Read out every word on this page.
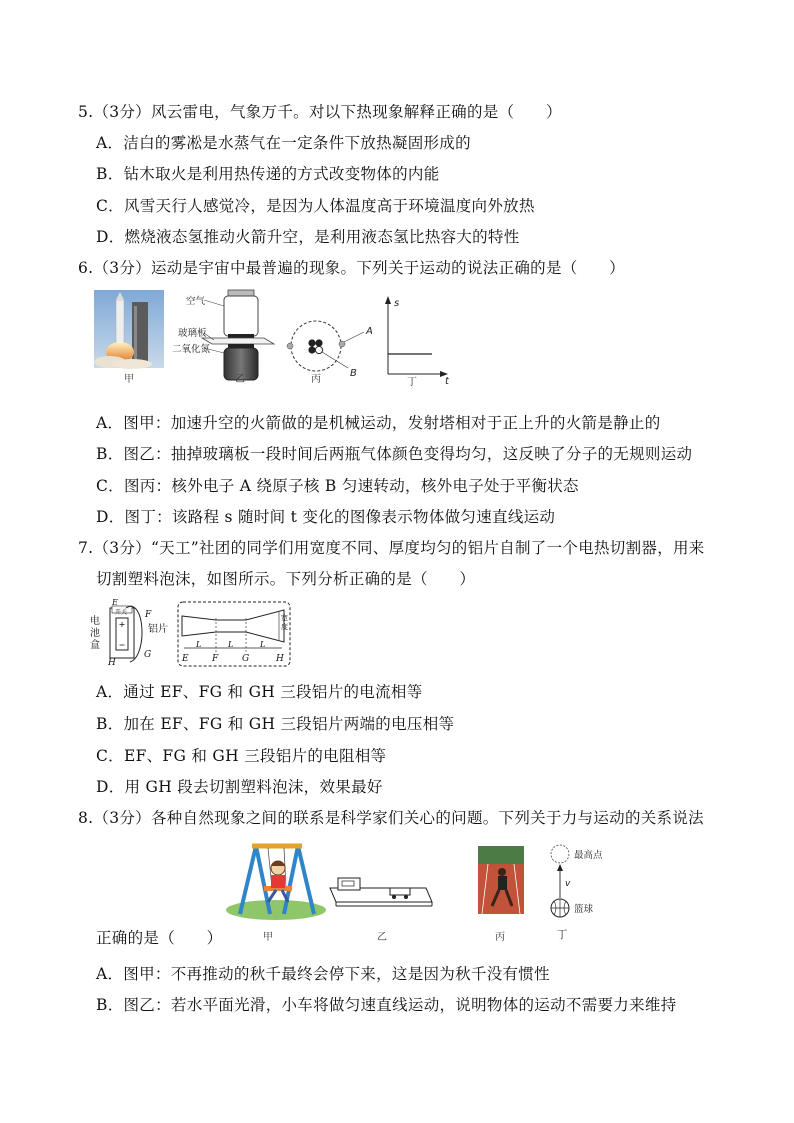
5.（3分）风云雷电，气象万千。对以下热现象解释正确的是（　　）
A．洁白的雾凇是水蒸气在一定条件下放热凝固形成的
B．钻木取火是利用热传递的方式改变物体的内能
C．风雪天行人感觉冷，是因为人体温度高于环境温度向外放热
D．燃烧液态氢推动火箭升空，是利用液态氢比热容大的特性
6.（3分）运动是宇宙中最普遍的现象。下列关于运动的说法正确的是（　　）
甲
空气
玻璃板
二氧化氮
乙
A
B
丙
s
t
丁
A．图甲：加速升空的火箭做的是机械运动，发射塔相对于正上升的火箭是静止的
B．图乙：抽掉玻璃板一段时间后两瓶气体颜色变得均匀，这反映了分子的无规则运动
C．图丙：核外电子 A 绕原子核 B 匀速转动，核外电子处于平衡状态
D．图丁：该路程 s 随时间 t 变化的图像表示物体做匀速直线运动
7.（3分）“天工”社团的同学们用宽度不同、厚度均匀的铝片自制了一个电热切割器，用来
切割塑料泡沫，如图所示。下列分析正确的是（　　）
E
开关
电池盒
F
铝片
G
H
宽度
L	L	L
E	F	G	H
A．通过 EF、FG 和 GH 三段铝片的电流相等
B．加在 EF、FG 和 GH 三段铝片两端的电压相等
C．EF、FG 和 GH 三段铝片的电阻相等
D．用 GH 段去切割塑料泡沫，效果最好
8.（3分）各种自然现象之间的联系是科学家们关心的问题。下列关于力与运动的关系说法
甲	乙	丙
最高点
v
篮球
丁
正确的是（　　）
A．图甲：不再推动的秋千最终会停下来，这是因为秋千没有惯性
B．图乙：若水平面光滑，小车将做匀速直线运动，说明物体的运动不需要力来维持
